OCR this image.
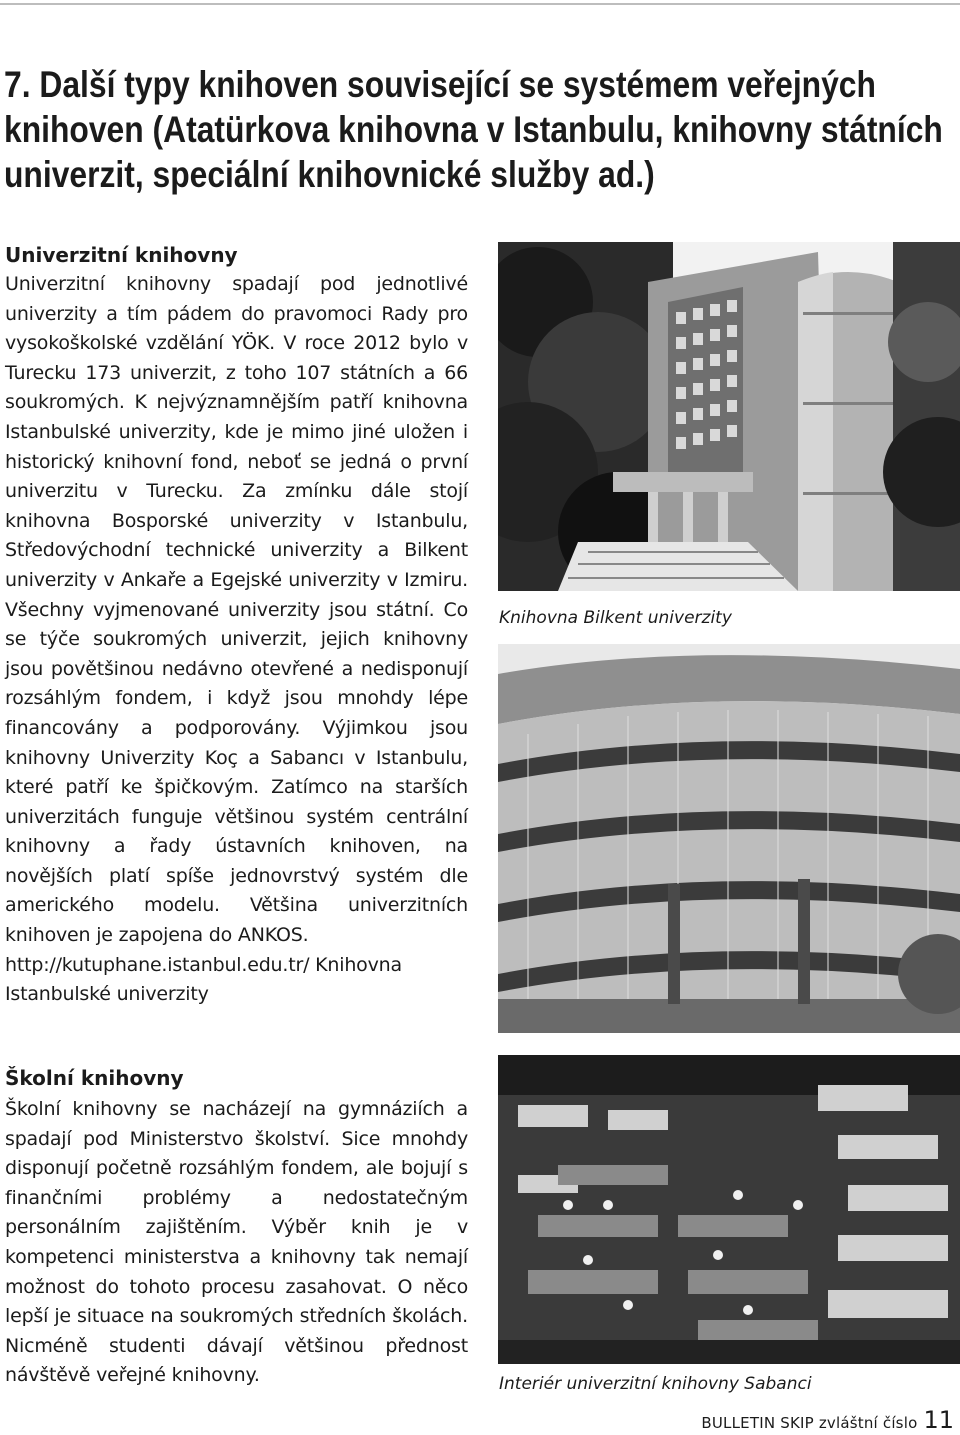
7. Další typy knihoven související se systémem veřejných
knihoven (Atatürkova knihovna v Istanbulu, knihovny státních
univerzit, speciální knihovnické služby ad.)
Univerzitní knihovny

Univerzitní knihovny spadají pod jednotlivé univerzity a tím pádem do pravomoci Rady pro vysokoškolské vzdělání YÖK. V roce 2012 bylo v Turecku 173 univerzit, z toho 107 státních a 66 soukromých. K nejvýznamnějším patří knihovna Istanbulské univerzity, kde je mimo jiné uložen i historický knihovní fond, neboť se jedná o první univerzitu v Turecku. Za zmínku dále stojí knihovna Bosporské univerzity v Istanbulu, Středovýchodní technické univerzity a Bilkent univerzity v Ankaře a Egejské univerzity v Izmiru. Všechny vyjmenované univerzity jsou státní. Co se týče soukromých univerzit, jejich knihovny jsou povětšinou nedávno otevřené a nedisponují rozsáhlým fondem, i když jsou mnohdy lépe financovány a podporovány. Výjimkou jsou knihovny Univerzity Koç a Sabancı v Istanbulu, které patří ke špičkovým. Zatímco na starších univerzitách funguje většinou systém centrální knihovny a řady ústavních knihoven, na novějších platí spíše jednovrstvý systém dle amerického modelu. Většina univerzitních knihoven je zapojena do ANKOS.

http://kutuphane.istanbul.edu.tr/ Knihovna Istanbulské univerzity

Školní knihovny

Školní knihovny se nacházejí na gymnáziích a spadají pod Ministerstvo školství. Sice mnohdy disponují početně rozsáhlým fondem, ale bojují s finančními problémy a nedostatečným personálním zajištěním. Výběr knih je v kompetenci ministerstva a knihovny tak nemají možnost do tohoto procesu zasahovat. O něco lepší je situace na soukromých středních školách. Nicméně studenti dávají většinou přednost návštěvě veřejné knihovny.

Knihovna Bilkent univerzity

Interiér univerzitní knihovny Sabanci

BULLETIN SKIP zvláštní číslo 11
